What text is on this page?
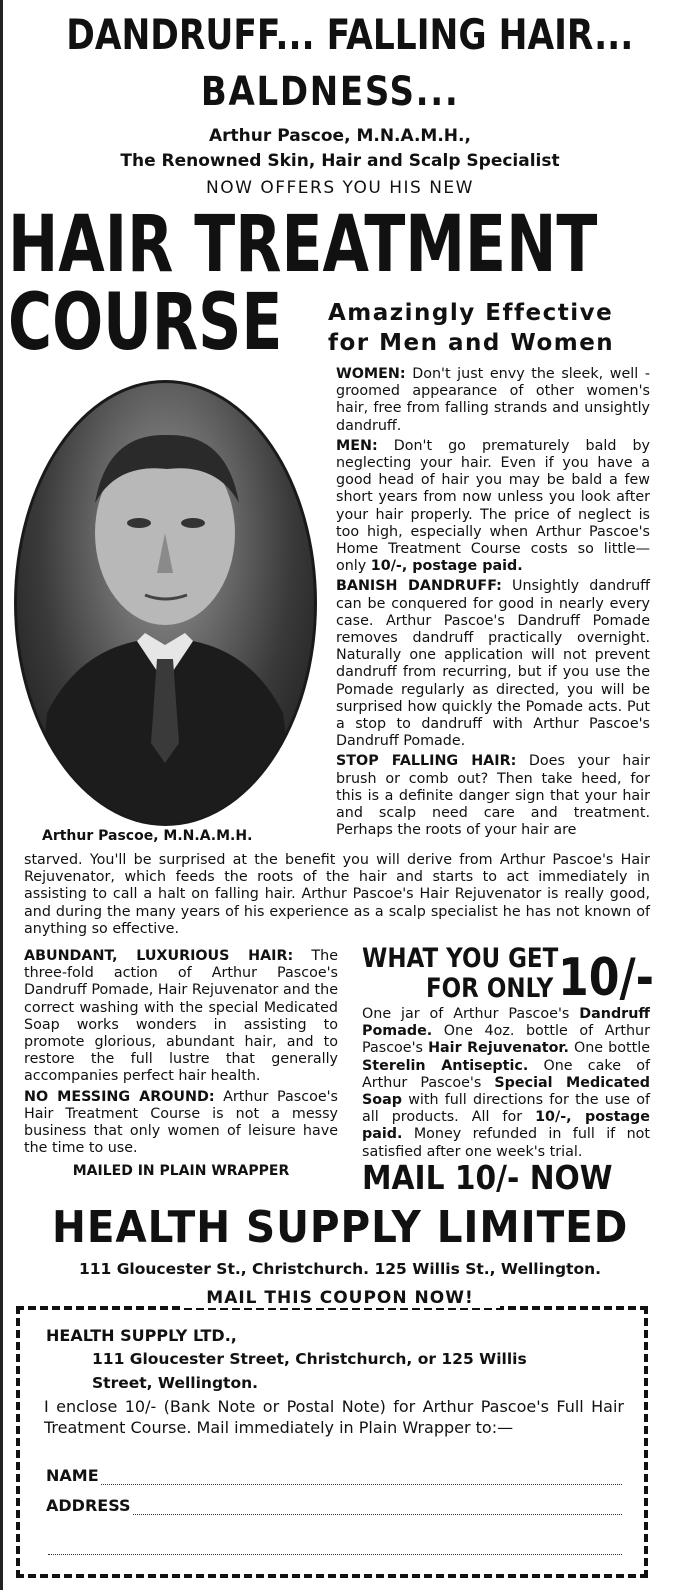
DANDRUFF... FALLING HAIR...
BALDNESS...
Arthur Pascoe, M.N.A.M.H.,
The Renowned Skin, Hair and Scalp Specialist
NOW OFFERS YOU HIS NEW
HAIR TREATMENT
COURSE Amazingly Effective
for Men and Women
Arthur Pascoe, M.N.A.M.H.

WOMEN: Don't just envy the sleek, well - groomed appearance of other women's hair, free from falling strands and unsightly dandruff.

MEN: Don't go prematurely bald by neglecting your hair. Even if you have a good head of hair you may be bald a few short years from now unless you look after your hair properly. The price of neglect is too high, especially when Arthur Pascoe's Home Treatment Course costs so little—only 10/-, postage paid.

BANISH DANDRUFF: Unsightly dandruff can be conquered for good in nearly every case. Arthur Pascoe's Dandruff Pomade removes dandruff practically overnight. Naturally one application will not prevent dandruff from recurring, but if you use the Pomade regularly as directed, you will be surprised how quickly the Pomade acts. Put a stop to dandruff with Arthur Pascoe's Dandruff Pomade.

STOP FALLING HAIR: Does your hair brush or comb out? Then take heed, for this is a definite danger sign that your hair and scalp need care and treatment. Perhaps the roots of your hair are

starved. You'll be surprised at the benefit you will derive from Arthur Pascoe's Hair Rejuvenator, which feeds the roots of the hair and starts to act immediately in assisting to call a halt on falling hair. Arthur Pascoe's Hair Rejuvenator is really good, and during the many years of his experience as a scalp specialist he has not known of anything so effective.

ABUNDANT, LUXURIOUS HAIR: The three-fold action of Arthur Pascoe's Dandruff Pomade, Hair Rejuvenator and the correct washing with the special Medicated Soap works wonders in assisting to promote glorious, abundant hair, and to restore the full lustre that generally accompanies perfect hair health.

NO MESSING AROUND: Arthur Pascoe's Hair Treatment Course is not a messy business that only women of leisure have the time to use.

MAILED IN PLAIN WRAPPER
WHAT YOU GET
FOR ONLY 10/-
One jar of Arthur Pascoe's Dandruff Pomade. One 4oz. bottle of Arthur Pascoe's Hair Rejuvenator. One bottle Sterelin Antiseptic. One cake of Arthur Pascoe's Special Medicated Soap with full directions for the use of all products. All for 10/-, postage paid. Money refunded in full if not satisfied after one week's trial.
MAIL 10/- NOW
HEALTH SUPPLY LIMITED
111 Gloucester St., Christchurch. 125 Willis St., Wellington.
MAIL THIS COUPON NOW!
HEALTH SUPPLY LTD.,
111 Gloucester Street, Christchurch, or 125 Willis
Street, Wellington.
I enclose 10/- (Bank Note or Postal Note) for Arthur Pascoe's Full Hair Treatment Course. Mail immediately in Plain Wrapper to:—
NAME
ADDRESS
